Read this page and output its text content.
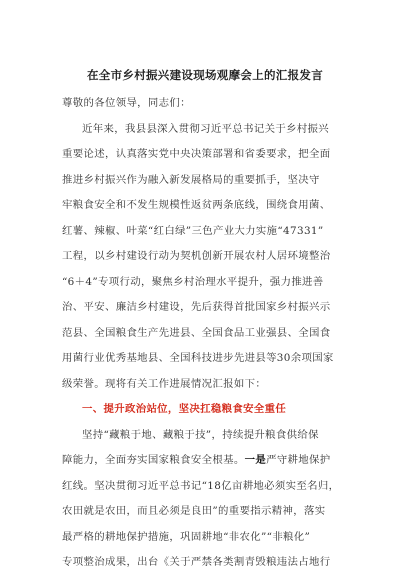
在全市乡村振兴建设现场观摩会上的汇报发言
尊敬的各位领导，同志们：
近年来，我县县深入贯彻习近平总书记关于乡村振兴
重要论述，认真落实党中央决策部署和省委要求，把全面
推进乡村振兴作为融入新发展格局的重要抓手，坚决守
牢粮食安全和不发生规模性返贫两条底线，围绕食用菌、
红薯、辣椒、叶菜“红白绿”三色产业大力实施“47331”
工程，以乡村建设行动为契机创新开展农村人居环境整治
“6＋4”专项行动，聚焦乡村治理水平提升，强力推进善
治、平安、廉洁乡村建设，先后获得首批国家乡村振兴示
范县、全国粮食生产先进县、全国食品工业强县、全国食
用菌行业优秀基地县、全国科技进步先进县等30余项国家
级荣誉。现将有关工作进展情况汇报如下：
一、提升政治站位，坚决扛稳粮食安全重任
坚持“藏粮于地、藏粮于技”，持续提升粮食供给保
障能力，全面夯实国家粮食安全根基。一是严守耕地保护
红线。坚决贯彻习近平总书记“18亿亩耕地必须实至名归，
农田就是农田，而且必须是良田”的重要指示精神，落实
最严格的耕地保护措施，巩固耕地“非农化”“非粮化”
专项整治成果，出台《关于严禁各类割青毁粮违法占地行
